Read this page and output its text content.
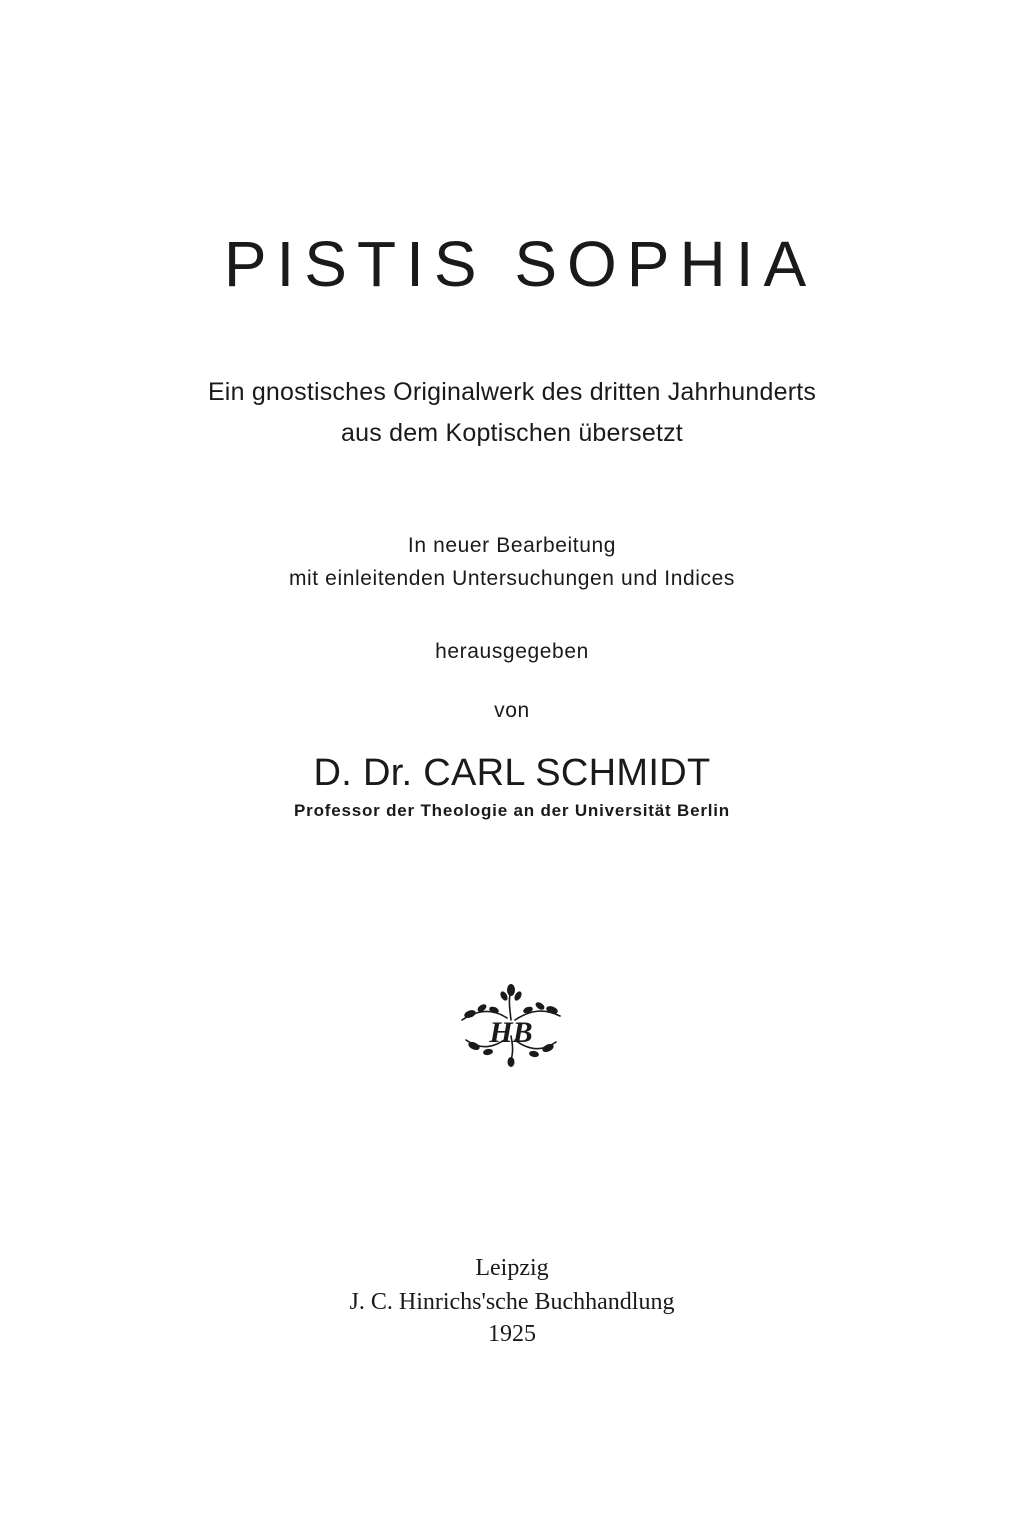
PISTIS SOPHIA
Ein gnostisches Originalwerk des dritten Jahrhunderts
aus dem Koptischen übersetzt
In neuer Bearbeitung
mit einleitenden Untersuchungen und Indices
herausgegeben
von
D. Dr. CARL SCHMIDT
Professor der Theologie an der Universität Berlin
HB
Leipzig
J. C. Hinrichs'sche Buchhandlung
1925
